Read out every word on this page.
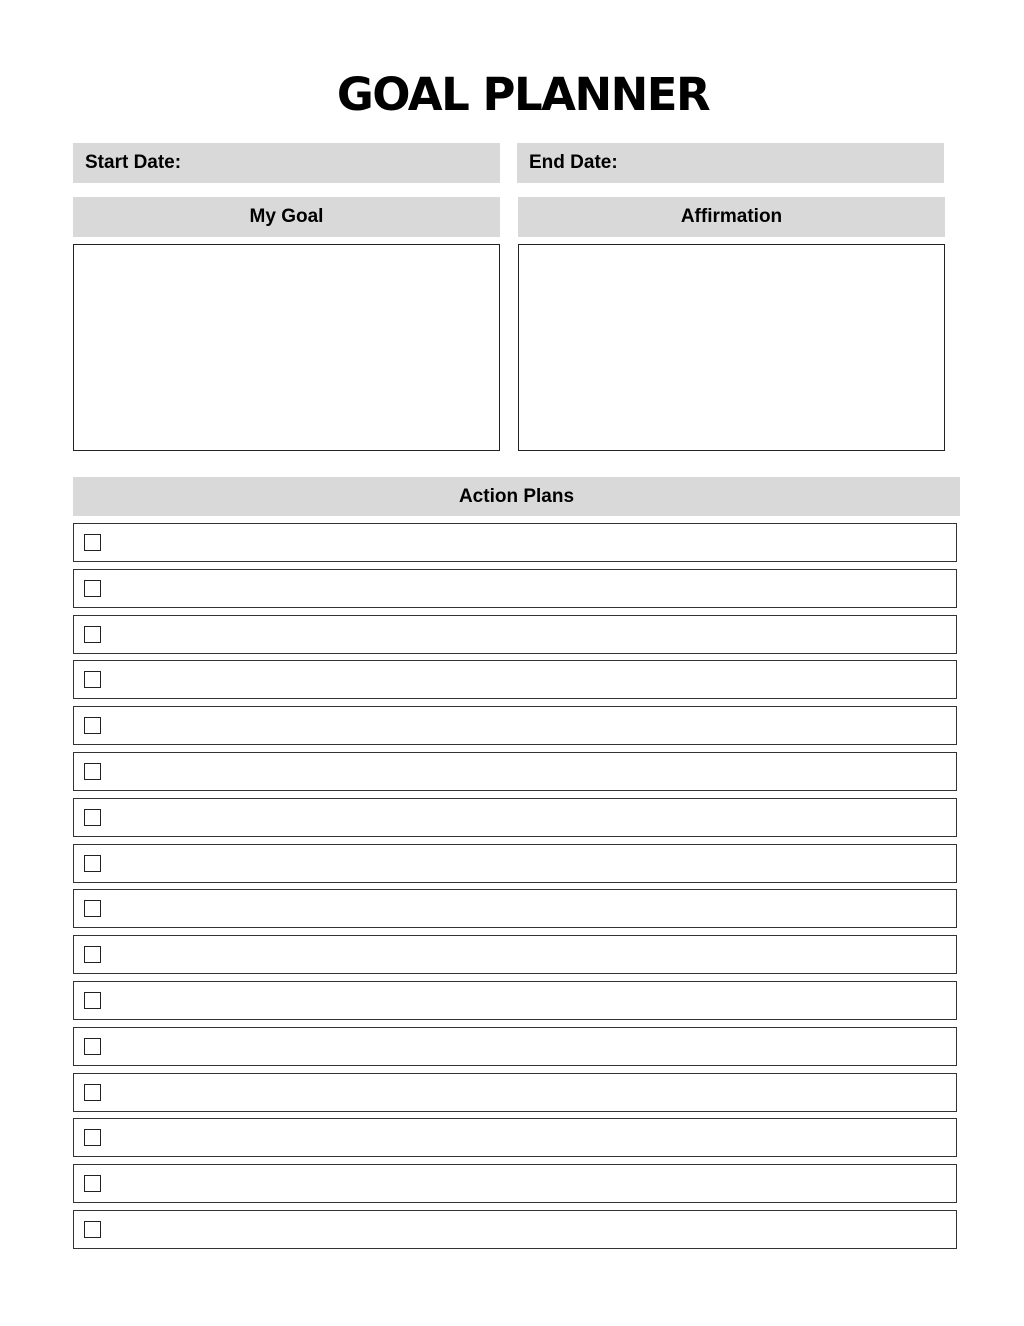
GOAL PLANNER
Start Date:	End Date:
My Goal	Affirmation
Action Plans
